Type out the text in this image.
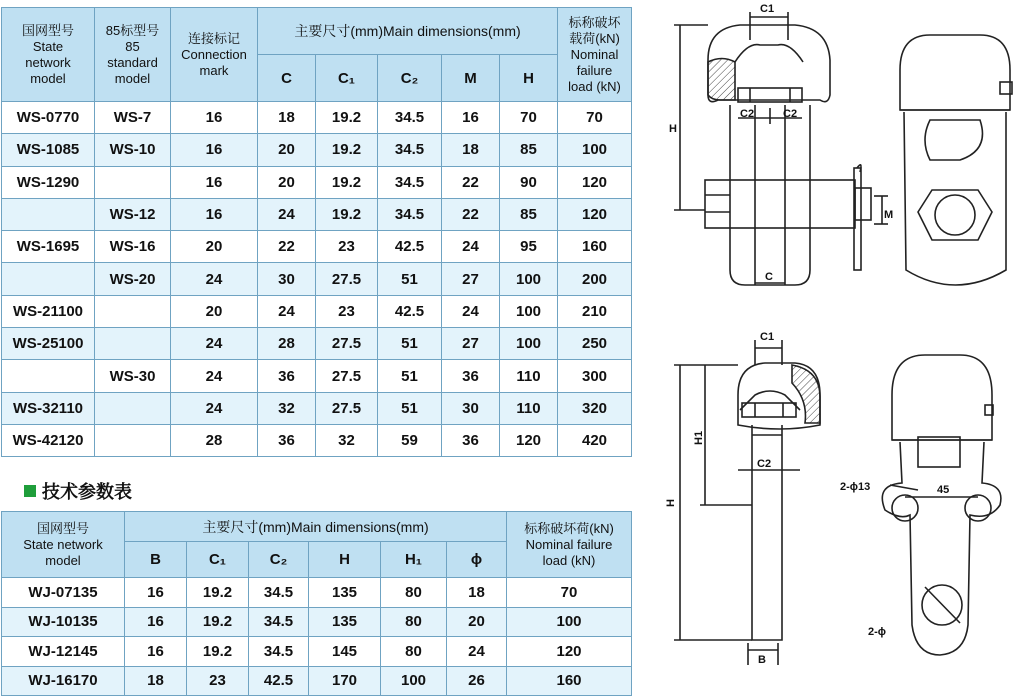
国网型号
State
network
model	85标型号
85
standard
model	连接标记
Connection
mark	主要尺寸(mm)Main dimensions(mm)					标称破坏
载荷(kN)
Nominal
failure
load (kN)

			C	C₁	C₂	M	H	
WS-0770	WS-7	16	18	19.2	34.5	16	70	70
WS-1085	WS-10	16	20	19.2	34.5	18	85	100
WS-1290		16	20	19.2	34.5	22	90	120
	WS-12	16	24	19.2	34.5	22	85	120
WS-1695	WS-16	20	22	23	42.5	24	95	160
	WS-20	24	30	27.5	51	27	100	200
WS-21100		20	24	23	42.5	24	100	210
WS-25100		24	28	27.5	51	27	100	250
	WS-30	24	36	27.5	51	36	110	300
WS-32110		24	32	27.5	51	30	110	320
WS-42120		28	36	32	59	36	120	420
技术参数表
国网型号
State network
model	主要尺寸(mm)Main dimensions(mm)						标称破坏荷(kN)
Nominal failure
load (kN)

	B	C₁	C₂	H	H₁	ϕ	
WJ-07135	16	19.2	34.5	135	80	18	70
WJ-10135	16	19.2	34.5	135	80	20	100
WJ-12145	16	19.2	34.5	145	80	24	120
WJ-16170	18	23	42.5	170	100	26	160
C1
C2	C2
H
M
C
C1
C2
H
H1
B
2-ϕ13	45
2-ϕ
